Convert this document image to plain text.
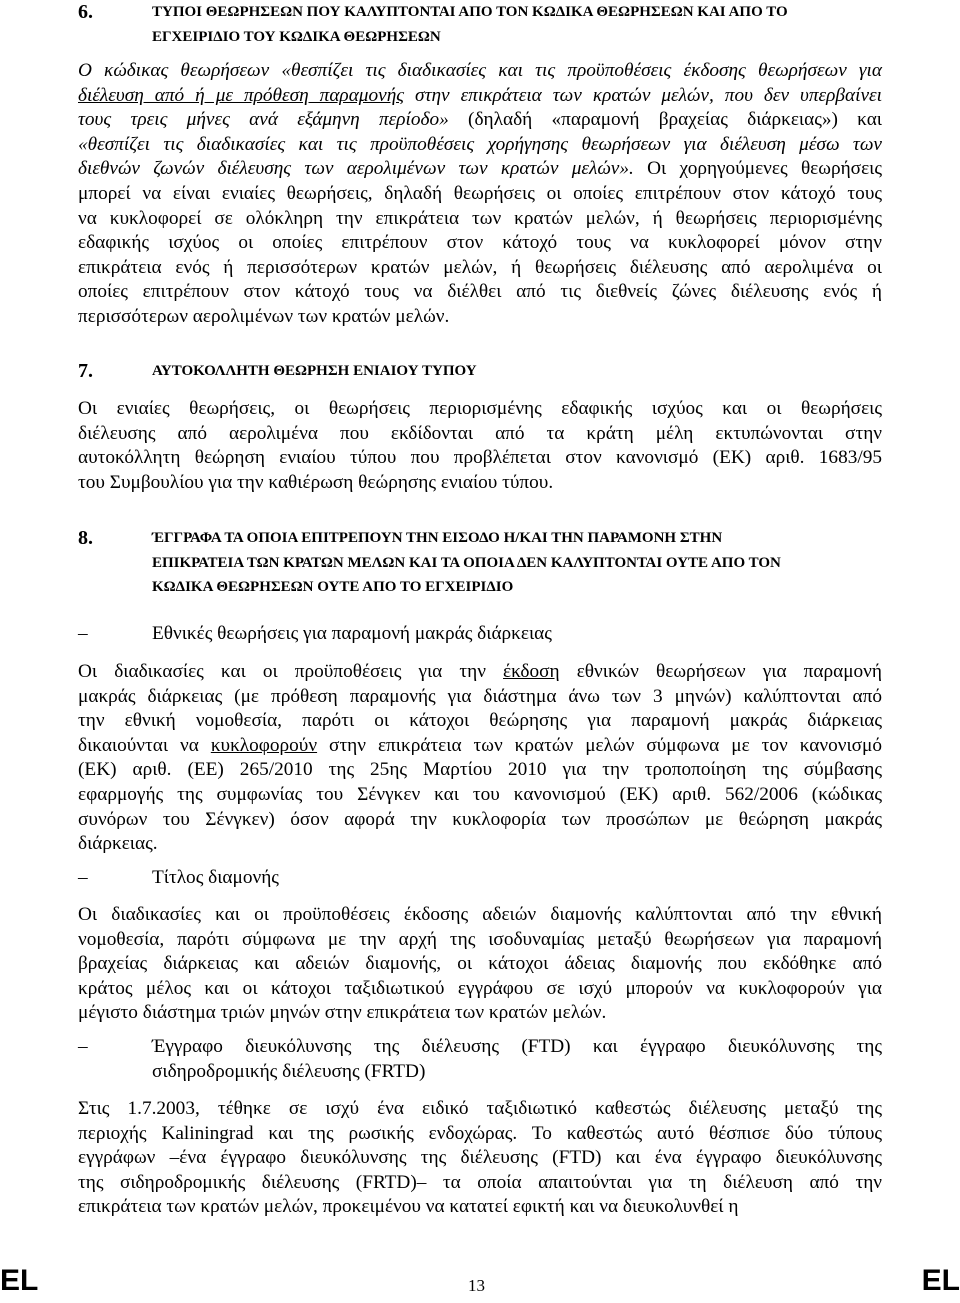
6.	ΤΥΠΟΙ ΘΕΩΡΗΣΕΩΝ ΠΟΥ ΚΑΛΥΠΤΟΝΤΑΙ ΑΠΟ ΤΟΝ ΚΩΔΙΚΑ ΘΕΩΡΗΣΕΩΝ ΚΑΙ ΑΠΟ ΤΟ
ΕΓΧΕΙΡΙΔΙΟ ΤΟΥ ΚΩΔΙΚΑ ΘΕΩΡΗΣΕΩΝ
Ο κώδικας θεωρήσεων «θεσπίζει τις διαδικασίες και τις προϋποθέσεις έκδοσης θεωρήσεων για
διέλευση από ή με πρόθεση παραμονής στην επικράτεια των κρατών μελών, που δεν υπερβαίνει
τους τρεις μήνες ανά εξάμηνη περίοδο» (δηλαδή «παραμονή βραχείας διάρκειας») και
«θεσπίζει τις διαδικασίες και τις προϋποθέσεις χορήγησης θεωρήσεων για διέλευση μέσω των
διεθνών ζωνών διέλευσης των αερολιμένων των κρατών μελών». Οι χορηγούμενες θεωρήσεις
μπορεί να είναι ενιαίες θεωρήσεις, δηλαδή θεωρήσεις οι οποίες επιτρέπουν στον κάτοχό τους
να κυκλοφορεί σε ολόκληρη την επικράτεια των κρατών μελών, ή θεωρήσεις περιορισμένης
εδαφικής ισχύος οι οποίες επιτρέπουν στον κάτοχό τους να κυκλοφορεί μόνον στην
επικράτεια ενός ή περισσότερων κρατών μελών, ή θεωρήσεις διέλευσης από αερολιμένα οι
οποίες επιτρέπουν στον κάτοχό τους να διέλθει από τις διεθνείς ζώνες διέλευσης ενός ή
περισσότερων αερολιμένων των κρατών μελών.
7.	ΑΥΤΟΚΟΛΛΗΤΗ ΘΕΩΡΗΣΗ ΕΝΙΑΙΟΥ ΤΥΠΟΥ
Οι ενιαίες θεωρήσεις, οι θεωρήσεις περιορισμένης εδαφικής ισχύος και οι θεωρήσεις
διέλευσης από αερολιμένα που εκδίδονται από τα κράτη μέλη εκτυπώνονται στην
αυτοκόλλητη θεώρηση ενιαίου τύπου που προβλέπεται στον κανονισμό (ΕΚ) αριθ. 1683/95
του Συμβουλίου για την καθιέρωση θεώρησης ενιαίου τύπου.
8.	ΈΓΓΡΑΦΑ ΤΑ ΟΠΟΙΑ ΕΠΙΤΡΕΠΟΥΝ ΤΗΝ ΕΙΣΟΔΟ Η/ΚΑΙ ΤΗΝ ΠΑΡΑΜΟΝΗ ΣΤΗΝ
ΕΠΙΚΡΑΤΕΙΑ ΤΩΝ ΚΡΑΤΩΝ ΜΕΛΩΝ ΚΑΙ ΤΑ ΟΠΟΙΑ ΔΕΝ ΚΑΛΥΠΤΟΝΤΑΙ ΟΥΤΕ ΑΠΟ ΤΟΝ
ΚΩΔΙΚΑ ΘΕΩΡΗΣΕΩΝ ΟΥΤΕ ΑΠΟ ΤΟ ΕΓΧΕΙΡΙΔΙΟ
–	Εθνικές θεωρήσεις για παραμονή μακράς διάρκειας
Οι διαδικασίες και οι προϋποθέσεις για την έκδοση εθνικών θεωρήσεων για παραμονή
μακράς διάρκειας (με πρόθεση παραμονής για διάστημα άνω των 3 μηνών) καλύπτονται από
την εθνική νομοθεσία, παρότι οι κάτοχοι θεώρησης για παραμονή μακράς διάρκειας
δικαιούνται να κυκλοφορούν στην επικράτεια των κρατών μελών σύμφωνα με τον κανονισμό
(ΕΚ) αριθ. (ΕΕ) 265/2010 της 25ης Μαρτίου 2010 για την τροποποίηση της σύμβασης
εφαρμογής της συμφωνίας του Σένγκεν και του κανονισμού (ΕΚ) αριθ. 562/2006 (κώδικας
συνόρων του Σένγκεν) όσον αφορά την κυκλοφορία των προσώπων με θεώρηση μακράς
διάρκειας.
–	Τίτλος διαμονής
Οι διαδικασίες και οι προϋποθέσεις έκδοσης αδειών διαμονής καλύπτονται από την εθνική
νομοθεσία, παρότι σύμφωνα με την αρχή της ισοδυναμίας μεταξύ θεωρήσεων για παραμονή
βραχείας διάρκειας και αδειών διαμονής, οι κάτοχοι άδειας διαμονής που εκδόθηκε από
κράτος μέλος και οι κάτοχοι ταξιδιωτικού εγγράφου σε ισχύ μπορούν να κυκλοφορούν για
μέγιστο διάστημα τριών μηνών στην επικράτεια των κρατών μελών.
–	Έγγραφο διευκόλυνσης της διέλευσης (FTD) και έγγραφο διευκόλυνσης της
σιδηροδρομικής διέλευσης (FRTD)
Στις 1.7.2003, τέθηκε σε ισχύ ένα ειδικό ταξιδιωτικό καθεστώς διέλευσης μεταξύ της
περιοχής Kaliningrad και της ρωσικής ενδοχώρας. Το καθεστώς αυτό θέσπισε δύο τύπους
εγγράφων –ένα έγγραφο διευκόλυνσης της διέλευσης (FTD) και ένα έγγραφο διευκόλυνσης
της σιδηροδρομικής διέλευσης (FRTD)– τα οποία απαιτούνται για τη διέλευση από την
επικράτεια των κρατών μελών, προκειμένου να κατατεί εφικτή και να διευκολυνθεί η
EL	13	EL
